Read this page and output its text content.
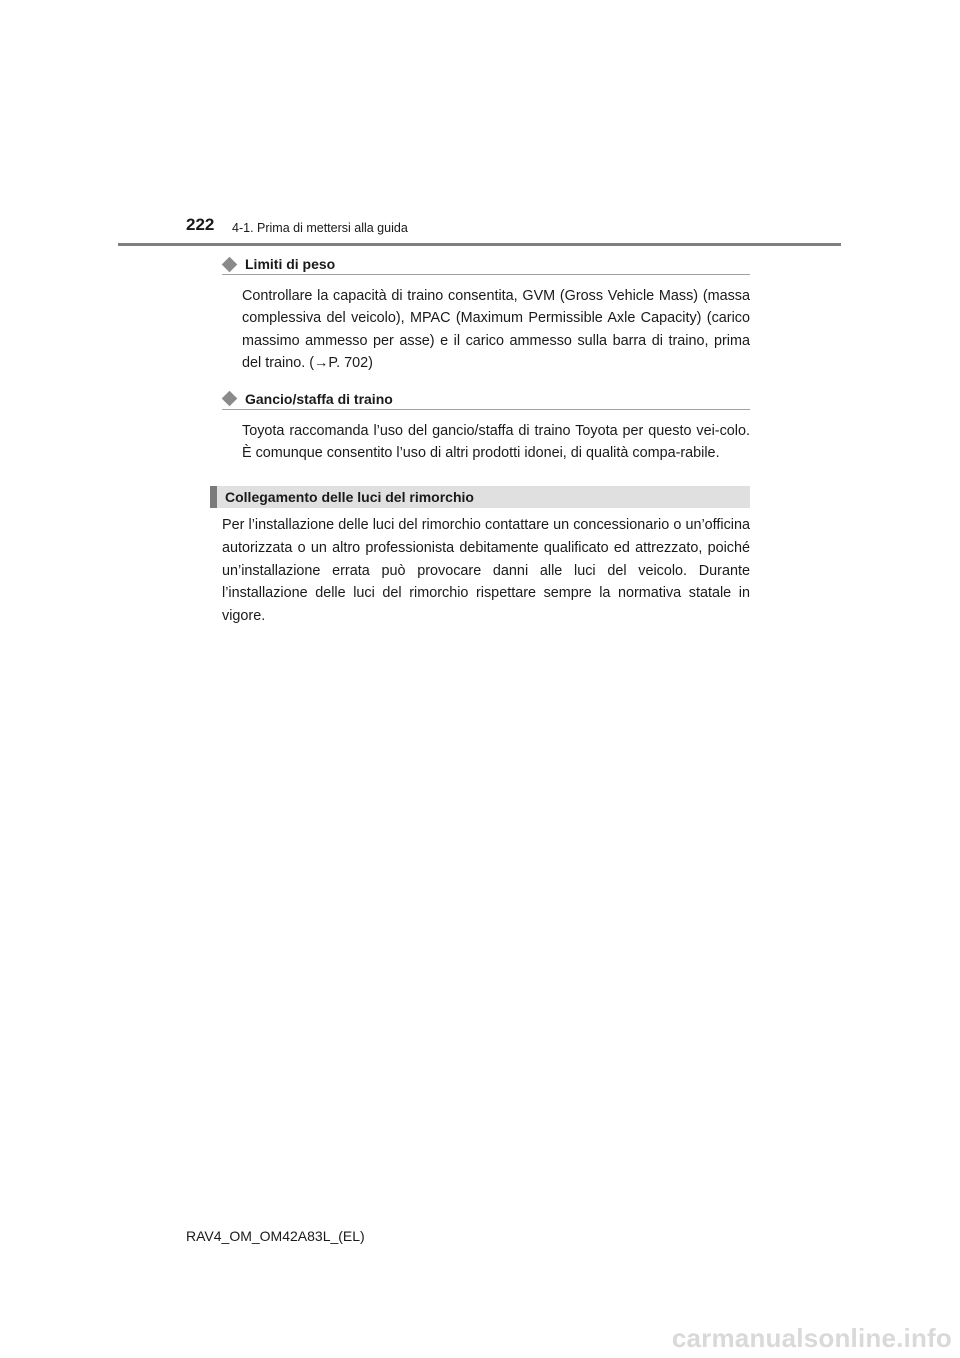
222 4-1. Prima di mettersi alla guida
Limiti di peso

Controllare la capacità di traino consentita, GVM (Gross Vehicle Mass) (massa complessiva del veicolo), MPAC (Maximum Permissible Axle Capacity) (carico massimo ammesso per asse) e il carico ammesso sulla barra di traino, prima del traino. (→P. 702)

Gancio/staffa di traino

Toyota raccomanda l’uso del gancio/staffa di traino Toyota per questo vei-colo. È comunque consentito l’uso di altri prodotti idonei, di qualità compa-rabile.

Collegamento delle luci del rimorchio

Per l’installazione delle luci del rimorchio contattare un concessionario o un’officina autorizzata o un altro professionista debitamente qualificato ed attrezzato, poiché un’installazione errata può provocare danni alle luci del veicolo. Durante l’installazione delle luci del rimorchio rispettare sempre la normativa statale in vigore.

RAV4_OM_OM42A83L_(EL)
carmanualsonline.info
